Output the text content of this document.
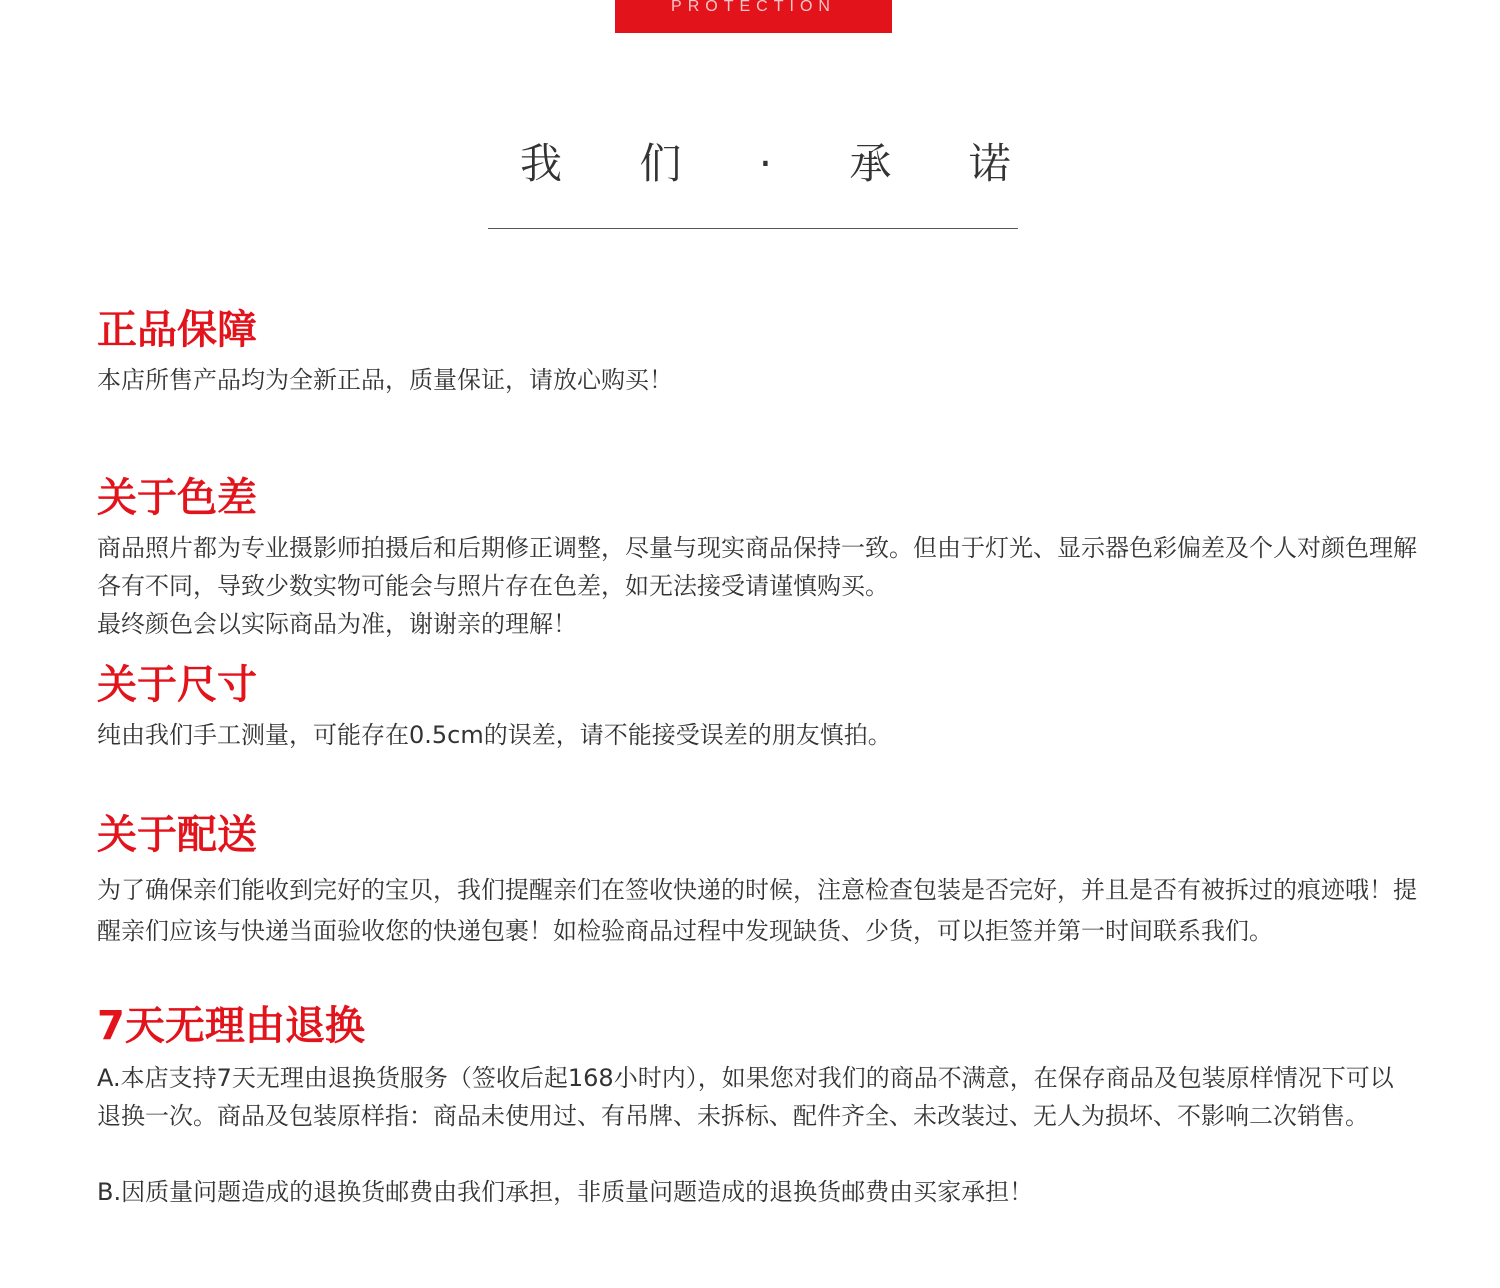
PROTECTION
我 们 · 承 诺
正品保障
本店所售产品均为全新正品，质量保证，请放心购买！
关于色差
商品照片都为专业摄影师拍摄后和后期修正调整，尽量与现实商品保持一致。但由于灯光、显示器色彩偏差及个人对颜色理解各有不同，导致少数实物可能会与照片存在色差，如无法接受请谨慎购买。
最终颜色会以实际商品为准，谢谢亲的理解！
关于尺寸
纯由我们手工测量，可能存在0.5cm的误差，请不能接受误差的朋友慎拍。
关于配送
为了确保亲们能收到完好的宝贝，我们提醒亲们在签收快递的时候，注意检查包装是否完好，并且是否有被拆过的痕迹哦！提醒亲们应该与快递当面验收您的快递包裹！如检验商品过程中发现缺货、少货，可以拒签并第一时间联系我们。
7天无理由退换
A.本店支持7天无理由退换货服务（签收后起168小时内），如果您对我们的商品不满意，在保存商品及包装原样情况下可以退换一次。商品及包装原样指：商品未使用过、有吊牌、未拆标、配件齐全、未改装过、无人为损坏、不影响二次销售。
B.因质量问题造成的退换货邮费由我们承担，非质量问题造成的退换货邮费由买家承担！
